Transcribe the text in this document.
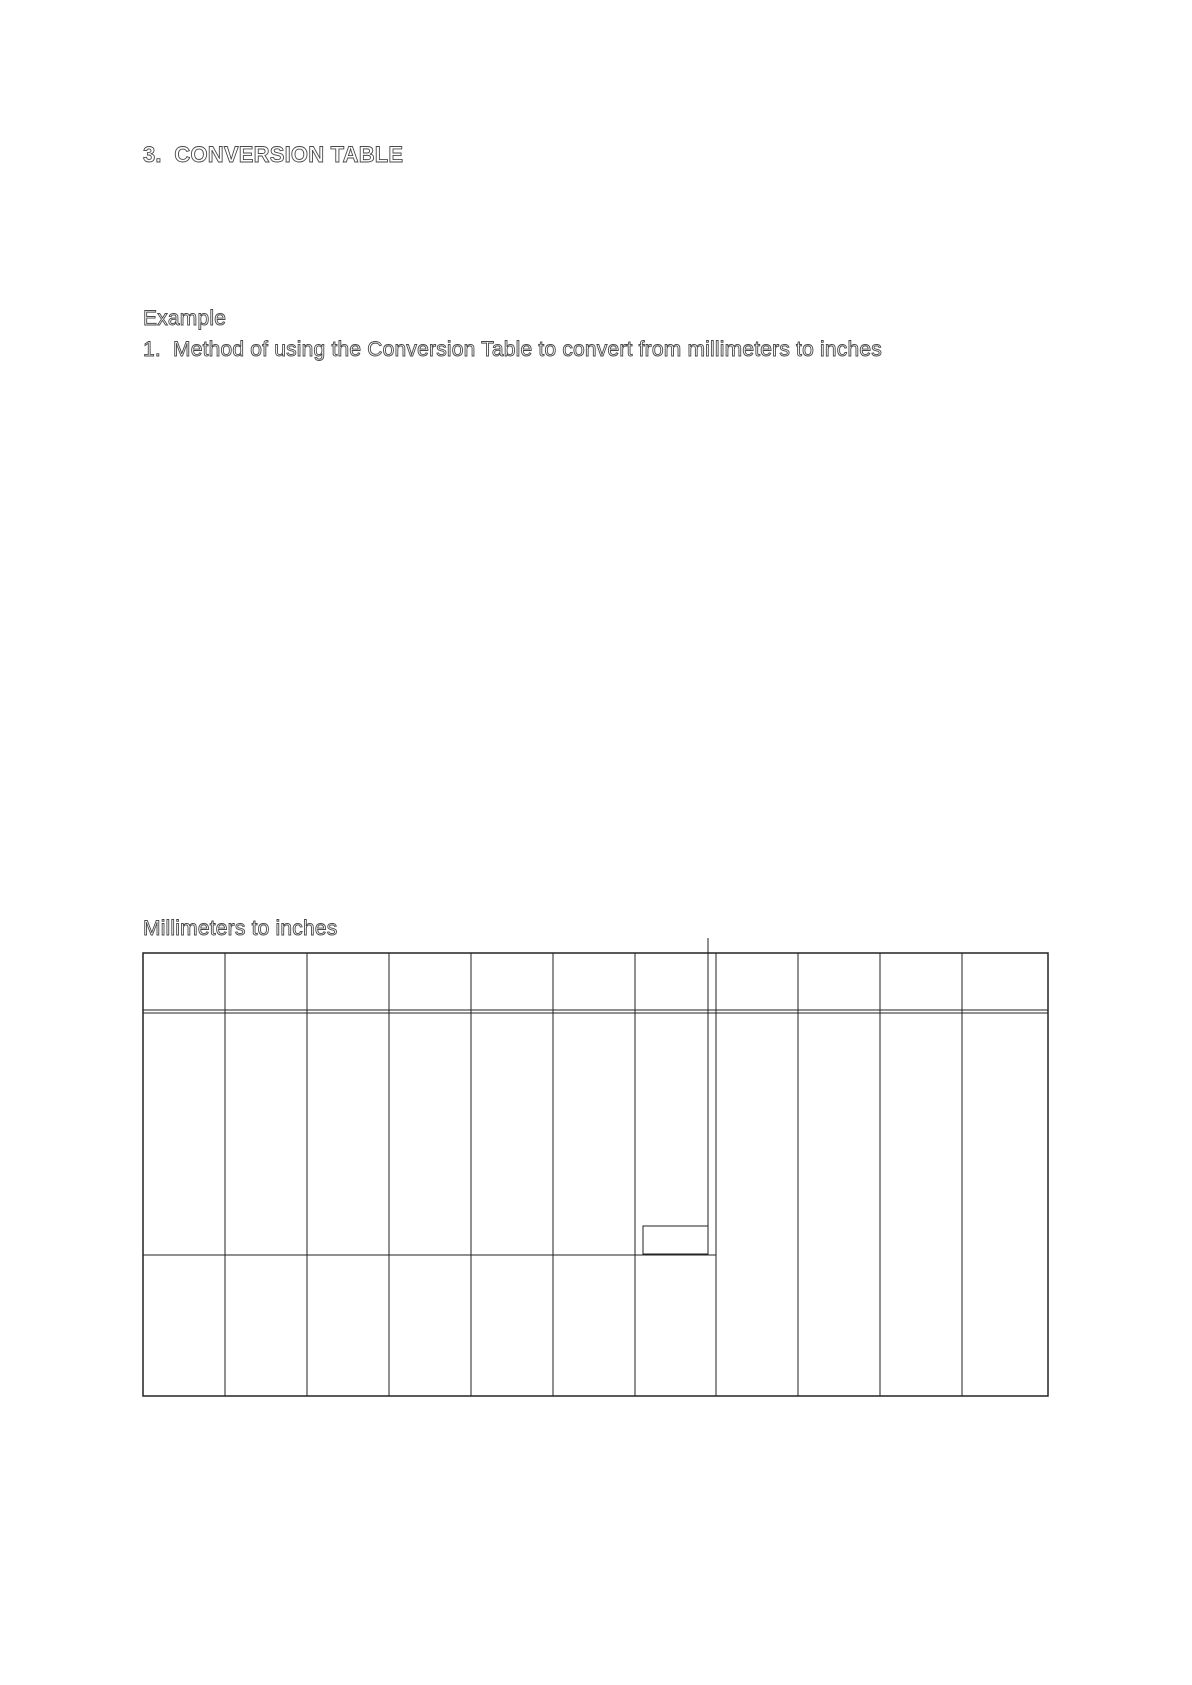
3. CONVERSION TABLE

Example

1. Method of using the Conversion Table to convert from millimeters to inches

Millimeters to inches
